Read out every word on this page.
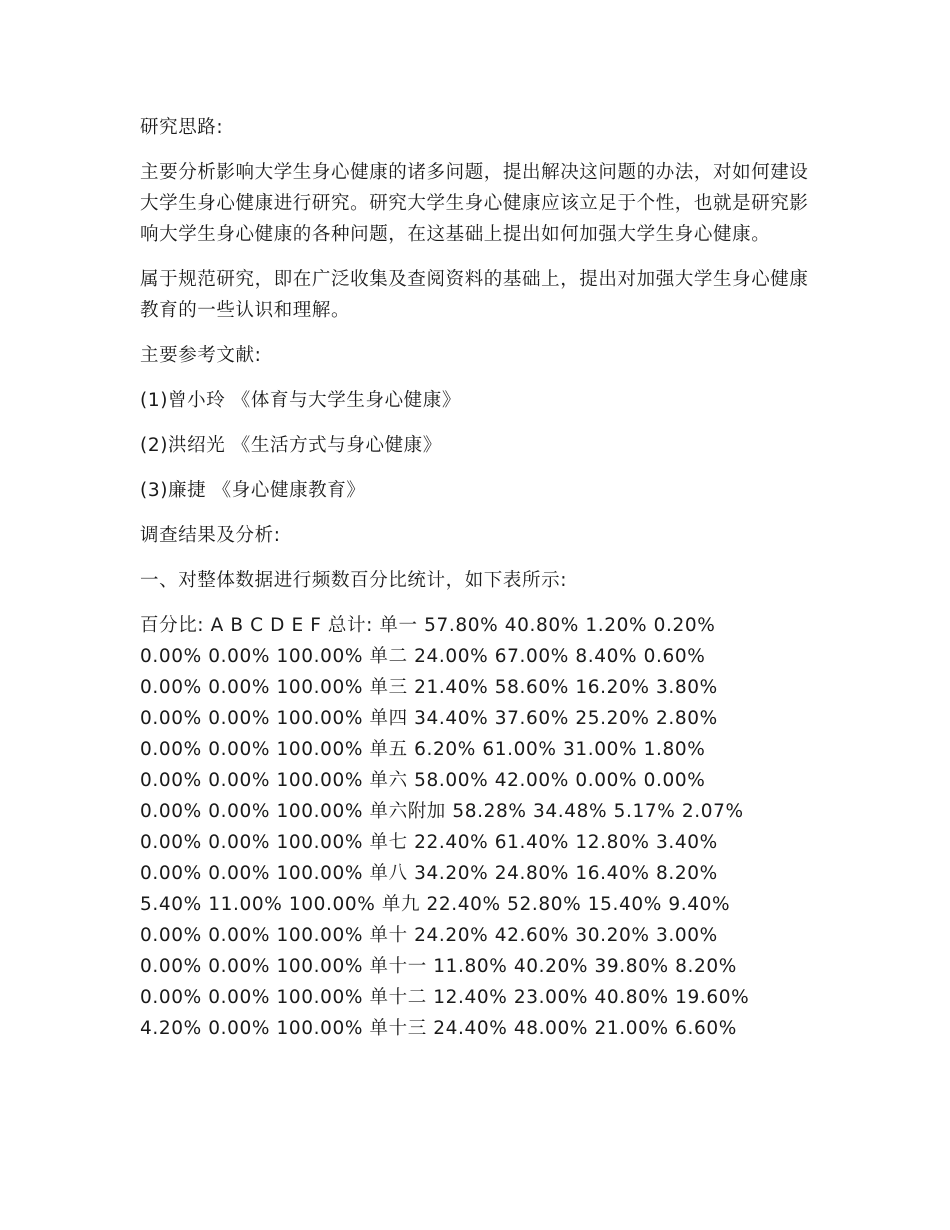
研究思路:

主要分析影响大学生身心健康的诸多问题，提出解决这问题的办法，对如何建设大学生身心健康进行研究。研究大学生身心健康应该立足于个性，也就是研究影响大学生身心健康的各种问题，在这基础上提出如何加强大学生身心健康。

属于规范研究，即在广泛收集及查阅资料的基础上，提出对加强大学生身心健康教育的一些认识和理解。

主要参考文献:

(1)曾小玲 《体育与大学生身心健康》

(2)洪绍光 《生活方式与身心健康》

(3)廉捷 《身心健康教育》

调查结果及分析:

一、对整体数据进行频数百分比统计，如下表所示:

百分比: A B C D E F 总计: 单一 57.80% 40.80% 1.20% 0.20%
0.00% 0.00% 100.00% 单二 24.00% 67.00% 8.40% 0.60%
0.00% 0.00% 100.00% 单三 21.40% 58.60% 16.20% 3.80%
0.00% 0.00% 100.00% 单四 34.40% 37.60% 25.20% 2.80%
0.00% 0.00% 100.00% 单五 6.20% 61.00% 31.00% 1.80%
0.00% 0.00% 100.00% 单六 58.00% 42.00% 0.00% 0.00%
0.00% 0.00% 100.00% 单六附加 58.28% 34.48% 5.17% 2.07%
0.00% 0.00% 100.00% 单七 22.40% 61.40% 12.80% 3.40%
0.00% 0.00% 100.00% 单八 34.20% 24.80% 16.40% 8.20%
5.40% 11.00% 100.00% 单九 22.40% 52.80% 15.40% 9.40%
0.00% 0.00% 100.00% 单十 24.20% 42.60% 30.20% 3.00%
0.00% 0.00% 100.00% 单十一 11.80% 40.20% 39.80% 8.20%
0.00% 0.00% 100.00% 单十二 12.40% 23.00% 40.80% 19.60%
4.20% 0.00% 100.00% 单十三 24.40% 48.00% 21.00% 6.60%
